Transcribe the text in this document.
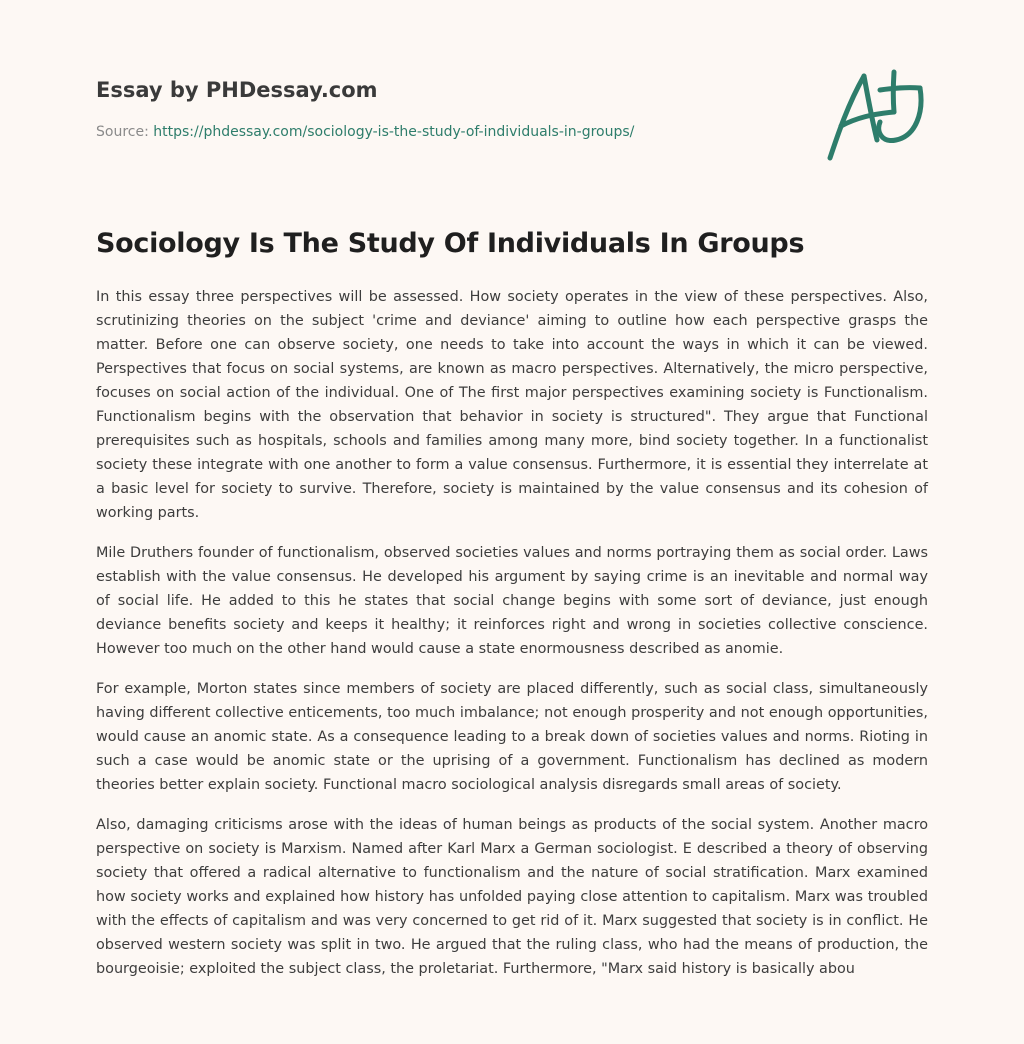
Essay by PHDessay.com
Source: https://phdessay.com/sociology-is-the-study-of-individuals-in-groups/
Sociology Is The Study Of Individuals In Groups

In this essay three perspectives will be assessed. How society operates in the view of these perspectives. Also, scrutinizing theories on the subject 'crime and deviance' aiming to outline how each perspective grasps the matter. Before one can observe society, one needs to take into account the ways in which it can be viewed. Perspectives that focus on social systems, are known as macro perspectives. Alternatively, the micro perspective, focuses on social action of the individual. One of The first major perspectives examining society is Functionalism. Functionalism begins with the observation that behavior in society is structured". They argue that Functional prerequisites such as hospitals, schools and families among many more, bind society together. In a functionalist society these integrate with one another to form a value consensus. Furthermore, it is essential they interrelate at a basic level for society to survive. Therefore, society is maintained by the value consensus and its cohesion of working parts.

Mile Druthers founder of functionalism, observed societies values and norms portraying them as social order. Laws establish with the value consensus. He developed his argument by saying crime is an inevitable and normal way of social life. He added to this he states that social change begins with some sort of deviance, just enough deviance benefits society and keeps it healthy; it reinforces right and wrong in societies collective conscience. However too much on the other hand would cause a state enormousness described as anomie.

For example, Morton states since members of society are placed differently, such as social class, simultaneously having different collective enticements, too much imbalance; not enough prosperity and not enough opportunities, would cause an anomic state. As a consequence leading to a break down of societies values and norms. Rioting in such a case would be anomic state or the uprising of a government. Functionalism has declined as modern theories better explain society. Functional macro sociological analysis disregards small areas of society.

Also, damaging criticisms arose with the ideas of human beings as products of the social system. Another macro perspective on society is Marxism. Named after Karl Marx a German sociologist. E described a theory of observing society that offered a radical alternative to functionalism and the nature of social stratification. Marx examined how society works and explained how history has unfolded paying close attention to capitalism. Marx was troubled with the effects of capitalism and was very concerned to get rid of it. Marx suggested that society is in conflict. He observed western society was split in two. He argued that the ruling class, who had the means of production, the bourgeoisie; exploited the subject class, the proletariat. Furthermore, "Marx said history is basically abou
